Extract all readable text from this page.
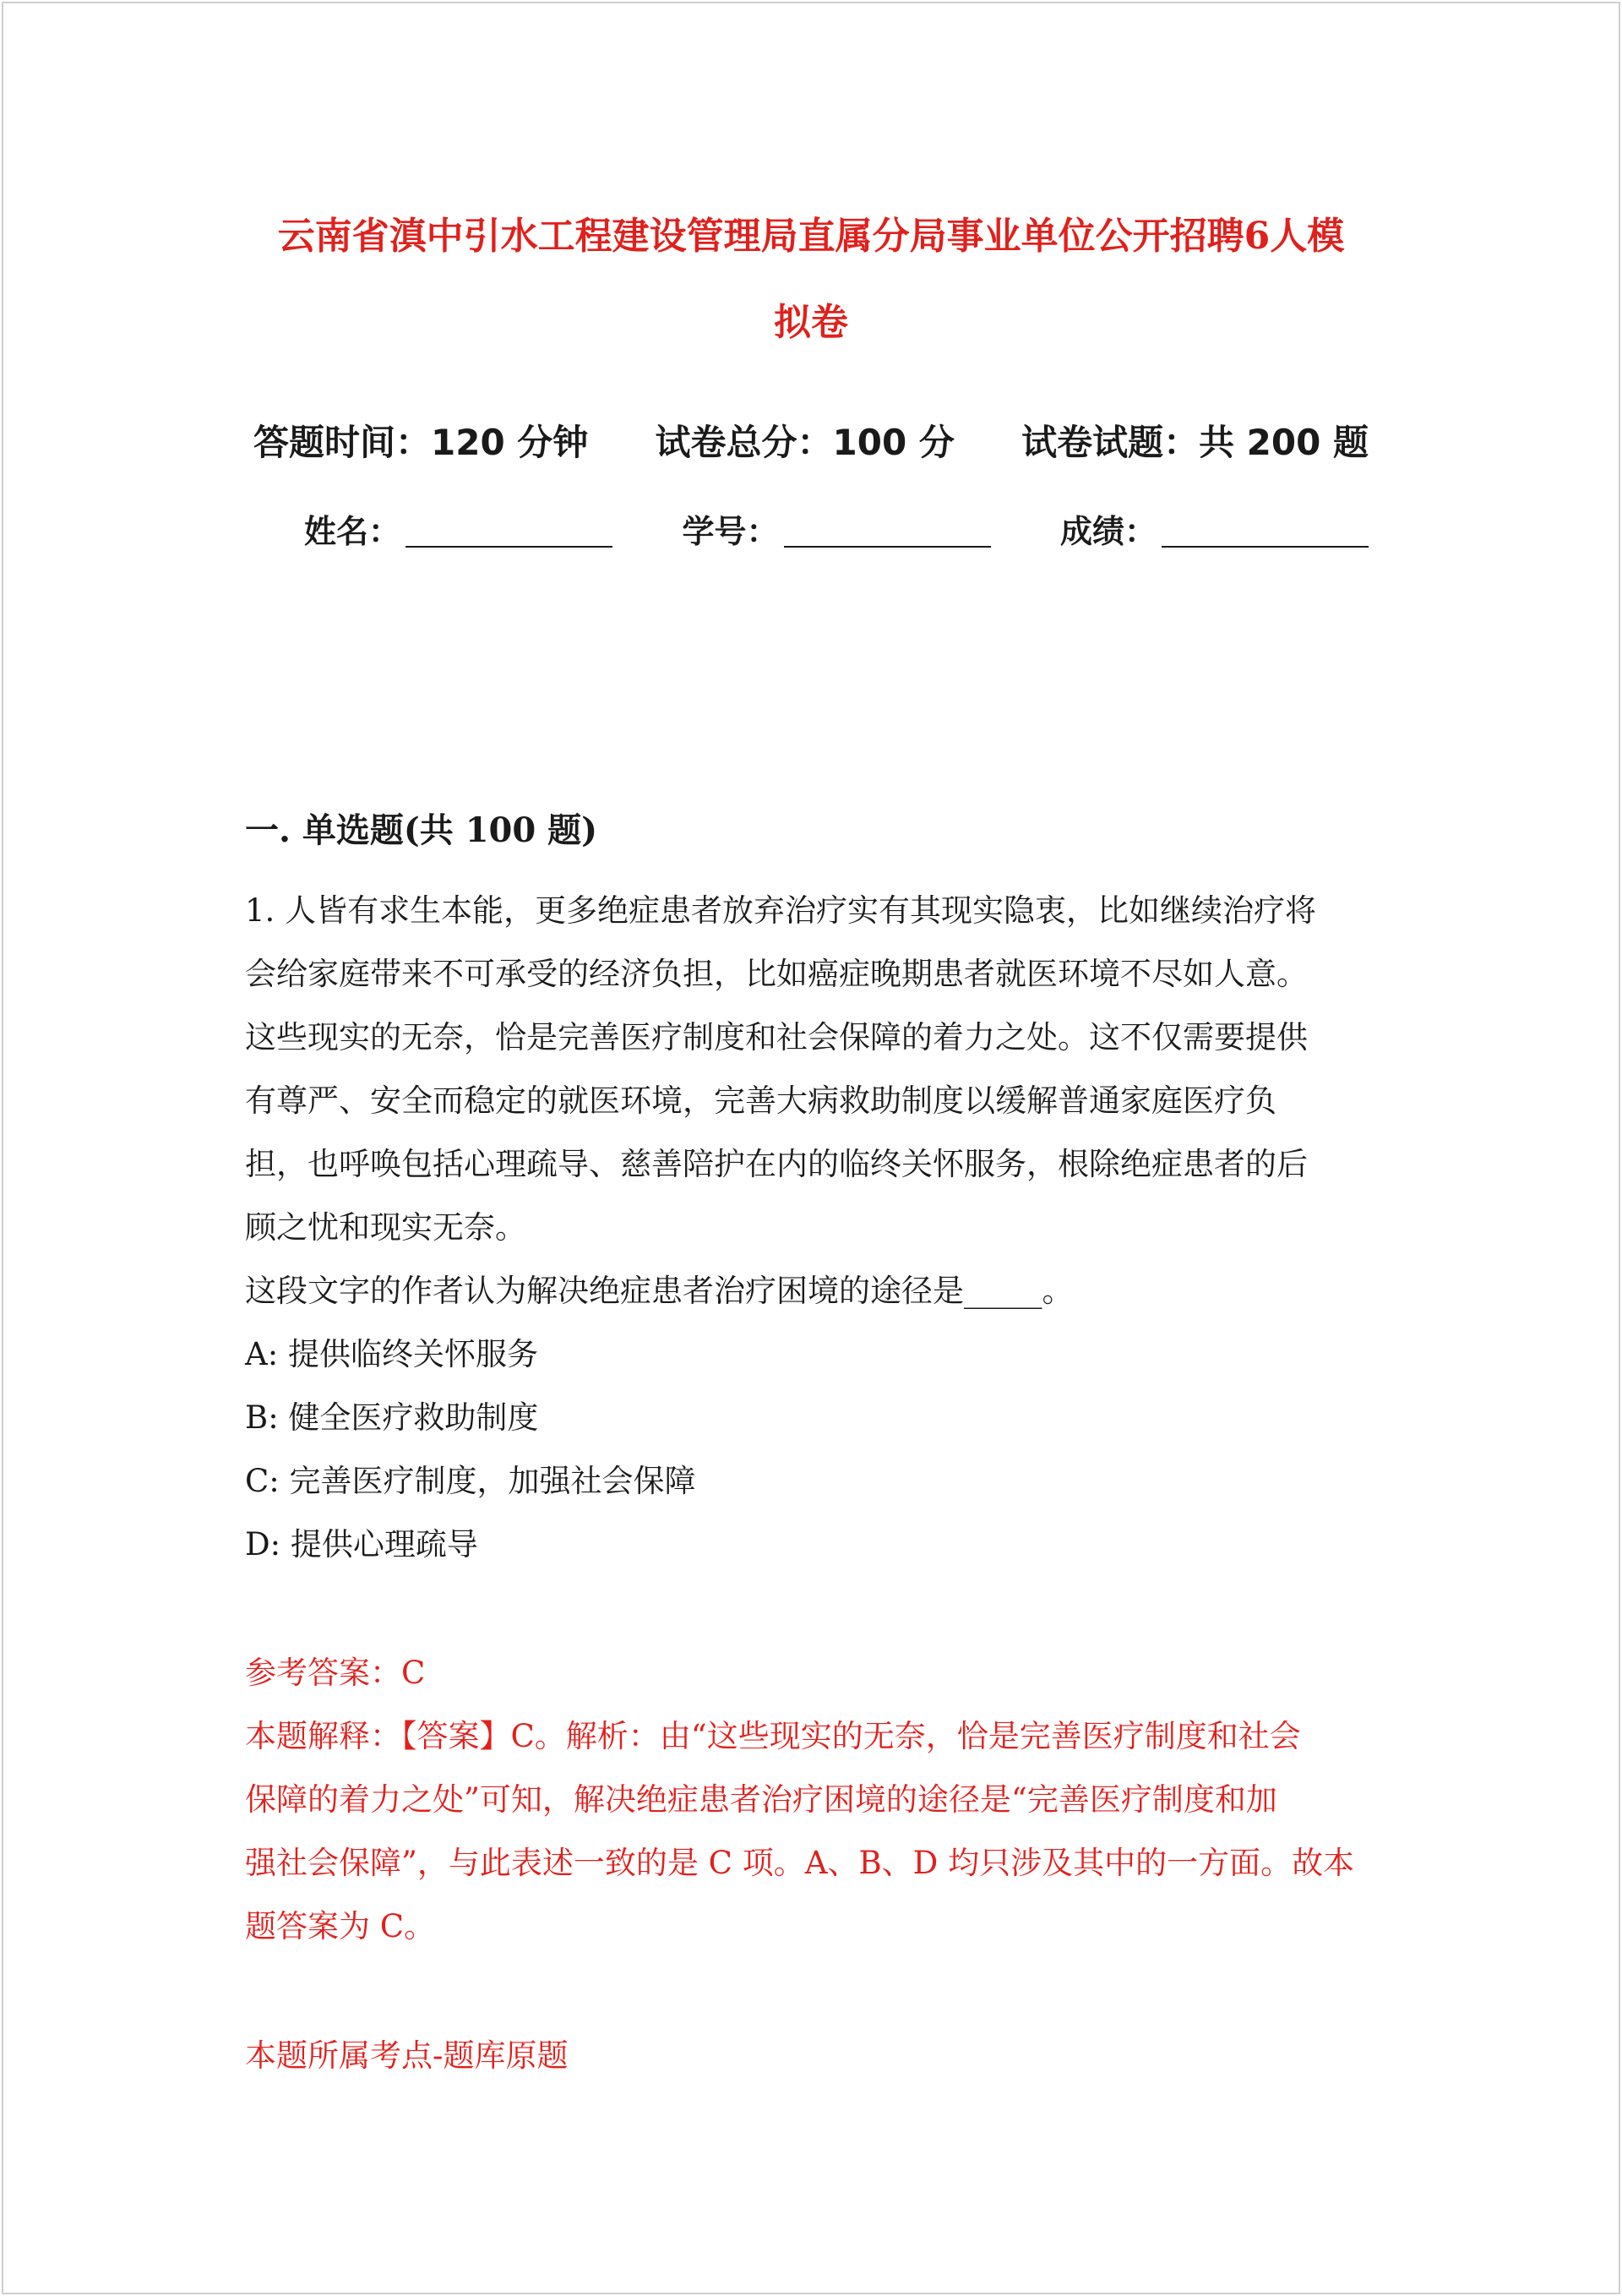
云南省滇中引水工程建设管理局直属分局事业单位公开招聘6人模
拟卷
答题时间：120 分钟 试卷总分：100 分 试卷试题：共 200 题
姓名：	学号：	成绩：
一. 单选题(共 100 题)
1. 人皆有求生本能，更多绝症患者放弃治疗实有其现实隐衷，比如继续治疗将
会给家庭带来不可承受的经济负担，比如癌症晚期患者就医环境不尽如人意。
这些现实的无奈，恰是完善医疗制度和社会保障的着力之处。这不仅需要提供
有尊严、安全而稳定的就医环境，完善大病救助制度以缓解普通家庭医疗负
担，也呼唤包括心理疏导、慈善陪护在内的临终关怀服务，根除绝症患者的后
顾之忧和现实无奈。
这段文字的作者认为解决绝症患者治疗困境的途径是_____。
A: 提供临终关怀服务
B: 健全医疗救助制度
C: 完善医疗制度，加强社会保障
D: 提供心理疏导
参考答案：C
本题解释：【答案】C。解析：由“这些现实的无奈，恰是完善医疗制度和社会
保障的着力之处”可知，解决绝症患者治疗困境的途径是“完善医疗制度和加
强社会保障”，与此表述一致的是 C 项。A、B、D 均只涉及其中的一方面。故本
题答案为 C。
本题所属考点-题库原题
